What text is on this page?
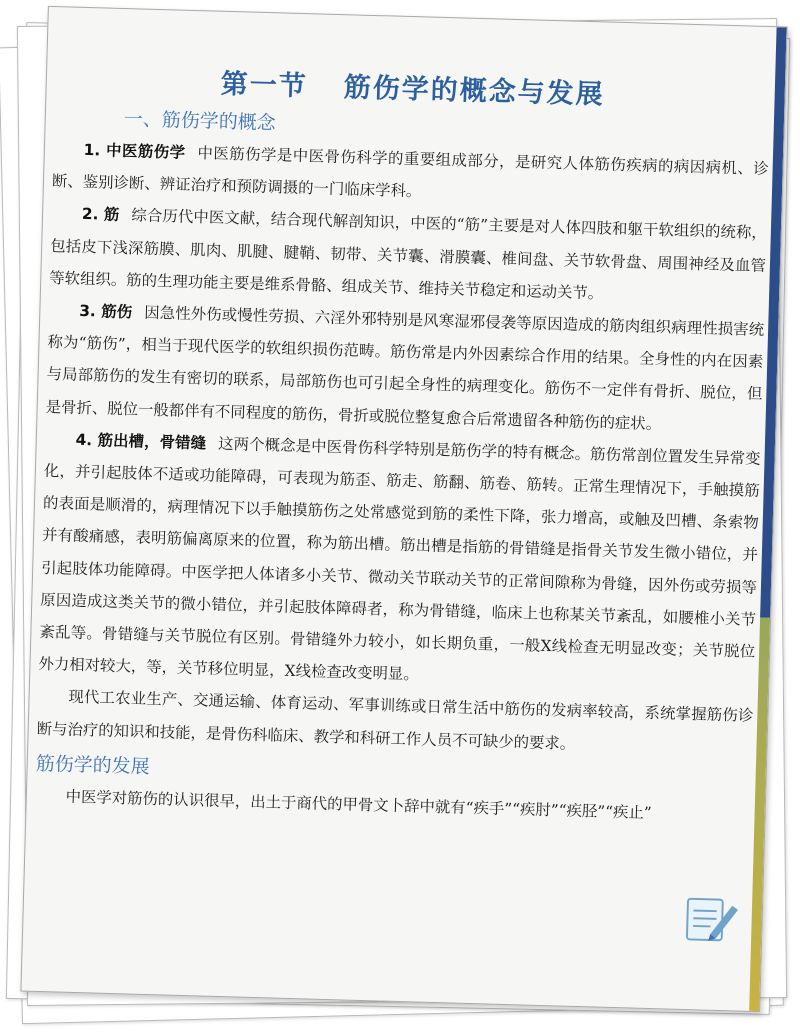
第一节 筋伤学的概念与发展
一、筋伤学的概念

1. 中医筋伤学 中医筋伤学是中医骨伤科学的重要组成部分，是研究人体筋伤疾病的病因病机、诊断、鉴别诊断、辨证治疗和预防调摄的一门临床学科。

2. 筋 综合历代中医文献，结合现代解剖知识，中医的“筋”主要是对人体四肢和躯干软组织的统称，包括皮下浅深筋膜、肌肉、肌腱、腱鞘、韧带、关节囊、滑膜囊、椎间盘、关节软骨盘、周围神经及血管等软组织。筋的生理功能主要是维系骨骼、组成关节、维持关节稳定和运动关节。

3. 筋伤 因急性外伤或慢性劳损、六淫外邪特别是风寒湿邪侵袭等原因造成的筋肉组织病理性损害统称为“筋伤”，相当于现代医学的软组织损伤范畴。筋伤常是内外因素综合作用的结果。全身性的内在因素与局部筋伤的发生有密切的联系，局部筋伤也可引起全身性的病理变化。筋伤不一定伴有骨折、脱位，但是骨折、脱位一般都伴有不同程度的筋伤，骨折或脱位整复愈合后常遗留各种筋伤的症状。

4. 筋出槽，骨错缝 这两个概念是中医骨伤科学特别是筋伤学的特有概念。筋伤常剖位置发生异常变化，并引起肢体不适或功能障碍，可表现为筋歪、筋走、筋翻、筋卷、筋转。正常生理情况下，手触摸筋的表面是顺滑的，病理情况下以手触摸筋伤之处常感觉到筋的柔性下降，张力增高，或触及凹槽、条索物并有酸痛感，表明筋偏离原来的位置，称为筋出槽。筋出槽是指筋的骨错缝是指骨关节发生微小错位，并引起肢体功能障碍。中医学把人体诸多小关节、微动关节联动关节的正常间隙称为骨缝，因外伤或劳损等原因造成这类关节的微小错位，并引起肢体障碍者，称为骨错缝，临床上也称某关节紊乱，如腰椎小关节紊乱等。骨错缝与关节脱位有区别。骨错缝外力较小，如长期负重，一般X线检查无明显改变；关节脱位外力相对较大，等，关节移位明显，X线检查改变明显。

现代工农业生产、交通运输、体育运动、军事训练或日常生活中筋伤的发病率较高，系统掌握筋伤诊断与治疗的知识和技能，是骨伤科临床、教学和科研工作人员不可缺少的要求。

筋伤学的发展

中医学对筋伤的认识很早，出土于商代的甲骨文卜辞中就有“疾手”“疾肘”“疾胫”“疾止”
